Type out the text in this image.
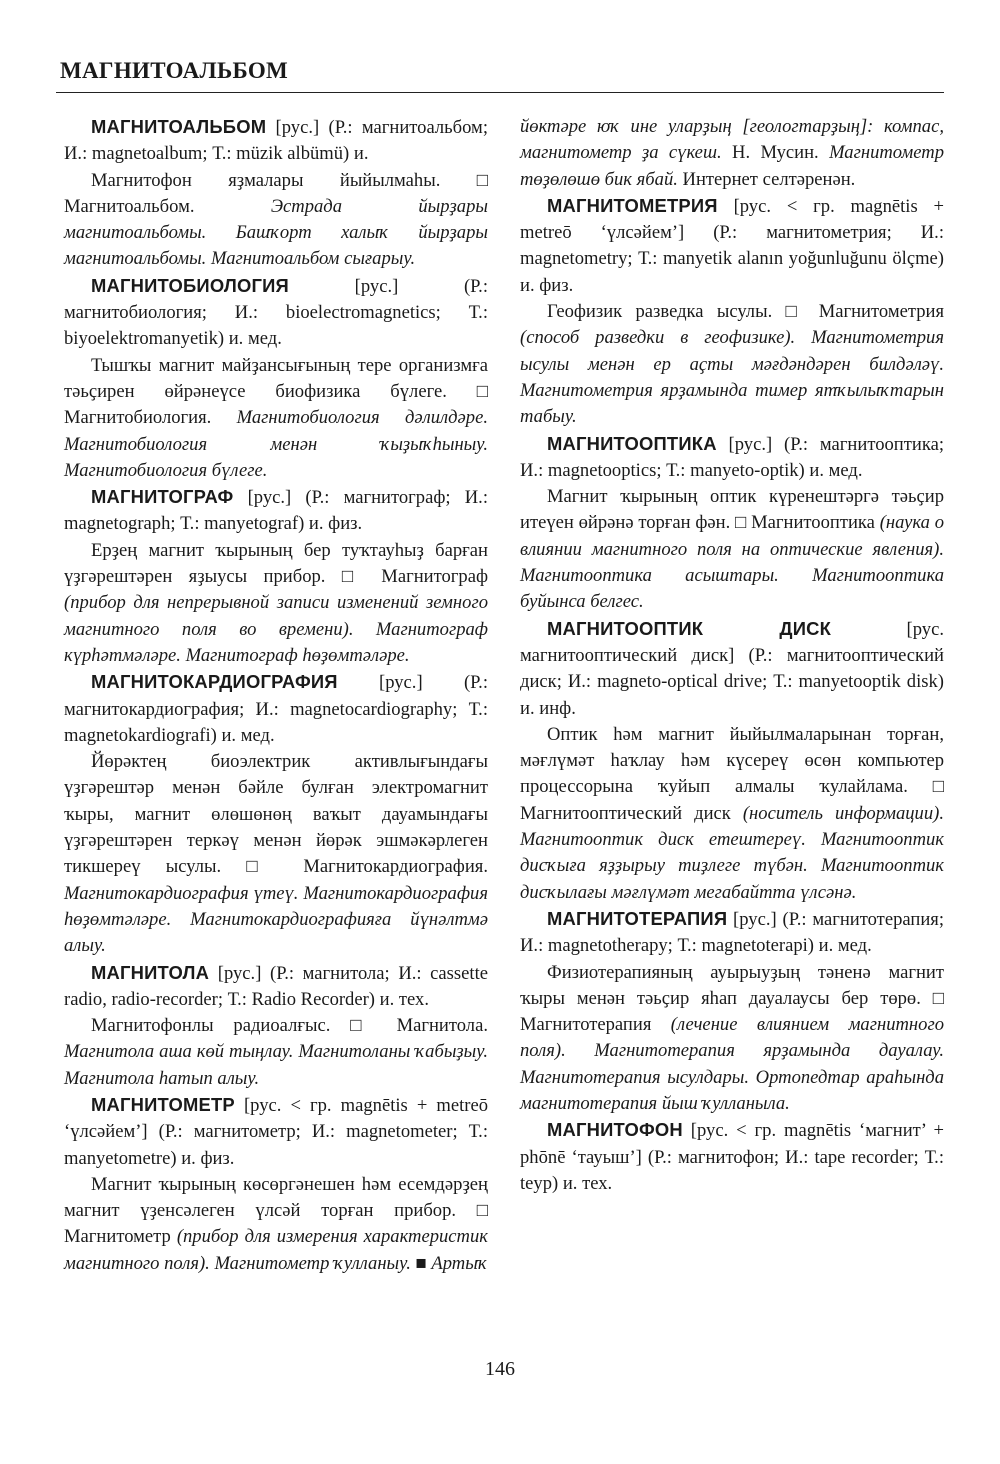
МАГНИТОАЛЬБОМ

МАГНИТОАЛЬБОМ [рус.] (Р.: магнитоальбом; И.: magnetoalbum; Т.: müzik albümü) и.

Магнитофон яҙмалары йыйылмаһы. □ Магнитоальбом. Эстрада йырҙары магнитоальбомы. Башҡорт халыҡ йырҙары магнитоальбомы. Магнитоальбом сығарыу.

МАГНИТОБИОЛОГИЯ [рус.] (Р.: магнитобиология; И.: bioelectromagnetics; Т.: biyoelektromanyetik) и. мед.

Тышҡы магнит майҙансығының тере организмға тәьҫирен өйрәнеүсе биофизика бүлеге. □ Магнитобиология. Магнитобиология дәлилдәре. Магнитобиология менән ҡыҙыҡһыныу. Магнитобиология бүлеге.

МАГНИТОГРАФ [рус.] (Р.: магнитограф; И.: magnetograph; Т.: manyetograf) и. физ.

Ерҙең магнит ҡырының бер туҡтауһыҙ барған үҙгәрештәрен яҙыусы прибор. □ Магнитограф (прибор для непрерывной записи изменений земного магнитного поля во времени). Магнитограф күрһәтмәләре. Магнитограф һөҙөмтәләре.

МАГНИТОКАРДИОГРАФИЯ [рус.] (Р.: магнитокардиография; И.: magnetocardiography; Т.: magnetokardiografi) и. мед.

Йөрәктең биоэлектрик активлығындағы үҙгәрештәр менән бәйле булған электромагнит ҡыры, магнит өлөшөнөң ваҡыт дауамындағы үҙгәрештәрен теркәү менән йөрәк эшмәкәрлеген тикшереү ысулы. □ Магнитокардиография. Магнитокардиография үтеү. Магнитокардиография һөҙөмтәләре. Магнитокардиографияға йүнәлтмә алыу.

МАГНИТОЛА [рус.] (Р.: магнитола; И.: cassette radio, radio-recorder; Т.: Radio Recorder) и. тех.

Магнитофонлы радиоалғыс. □ Магнитола. Магнитола аша көй тыңлау. Магнитоланы ҡабыҙыу. Магнитола һатып алыу.

МАГНИТОМЕТР [рус. < гр. magnētis + metreō ‘үлсәйем’] (Р.: магнитометр; И.: magnetometer; Т.: manyetometre) и. физ.

Магнит ҡырының көсөргәнешен һәм есемдәрҙең магнит үҙенсәлеген үлсәй торған прибор. □ Магнитометр (прибор для измерения характеристик магнитного поля). Магнитометр ҡулланыу. ■ Артыҡ

йөктәре юҡ ине уларҙың [геологтарҙың]: компас, магнитометр ҙа сүкеш. Н. Мусин. Магнитометр төҙөлөшө бик ябай. Интернет селтәренән.

МАГНИТОМЕТРИЯ [рус. < гр. magnētis + metreō ‘үлсәйем’] (Р.: магнитометрия; И.: magnetometry; Т.: manyetik alanın yoğunluğunu ölçme) и. физ.

Геофизик разведка ысулы. □ Магнитометрия (способ разведки в геофизике). Магнитометрия ысулы менән ер аҫты мәғдәндәрен билдәләү. Магнитометрия ярҙамында тимер ятҡылыҡтарын табыу.

МАГНИТООПТИКА [рус.] (Р.: магнитооптика; И.: magnetooptics; Т.: manyeto-optik) и. мед.

Магнит ҡырының оптик күренештәргә тәьҫир итеүен өйрәнә торған фән. □ Магнитооптика (наука о влиянии магнитного поля на оптические явления). Магнитооптика асыштары. Магнитооптика буйынса белгес.

МАГНИТООПТИК ДИСК [рус. магнитооптический диск] (Р.: магнитооптический диск; И.: magneto-optical drive; Т.: manyetooptik disk) и. инф.

Оптик һәм магнит йыйылмаларынан торған, мәғлүмәт һаҡлау һәм күсереү өсөн компьютер процессорына ҡуйып алмалы ҡулайлама. □ Магнитооптический диск (носитель информации). Магнитооптик диск етештереү. Магнитооптик дисҡыға яҙҙырыу тиҙлеге түбән. Магнитооптик дисҡылағы мәғлүмәт мегабайтта үлсәнә.

МАГНИТОТЕРАПИЯ [рус.] (Р.: магнитотерапия; И.: magnetotherapy; Т.: magnetoterapi) и. мед.

Физиотерапияның ауырыуҙың тәненә магнит ҡыры менән тәьҫир яһап дауалаусы бер төрө. □ Магнитотерапия (лечение влиянием магнитного поля). Магнитотерапия ярҙамында дауалау. Магнитотерапия ысулдары. Ортопедтар араһында магнитотерапия йыш ҡулланыла.

МАГНИТОФОН [рус. < гр. magnētis ‘магнит’ + phōnē ‘тауыш’] (Р.: магнитофон; И.: tape recorder; Т.: teyp) и. тех.

146
